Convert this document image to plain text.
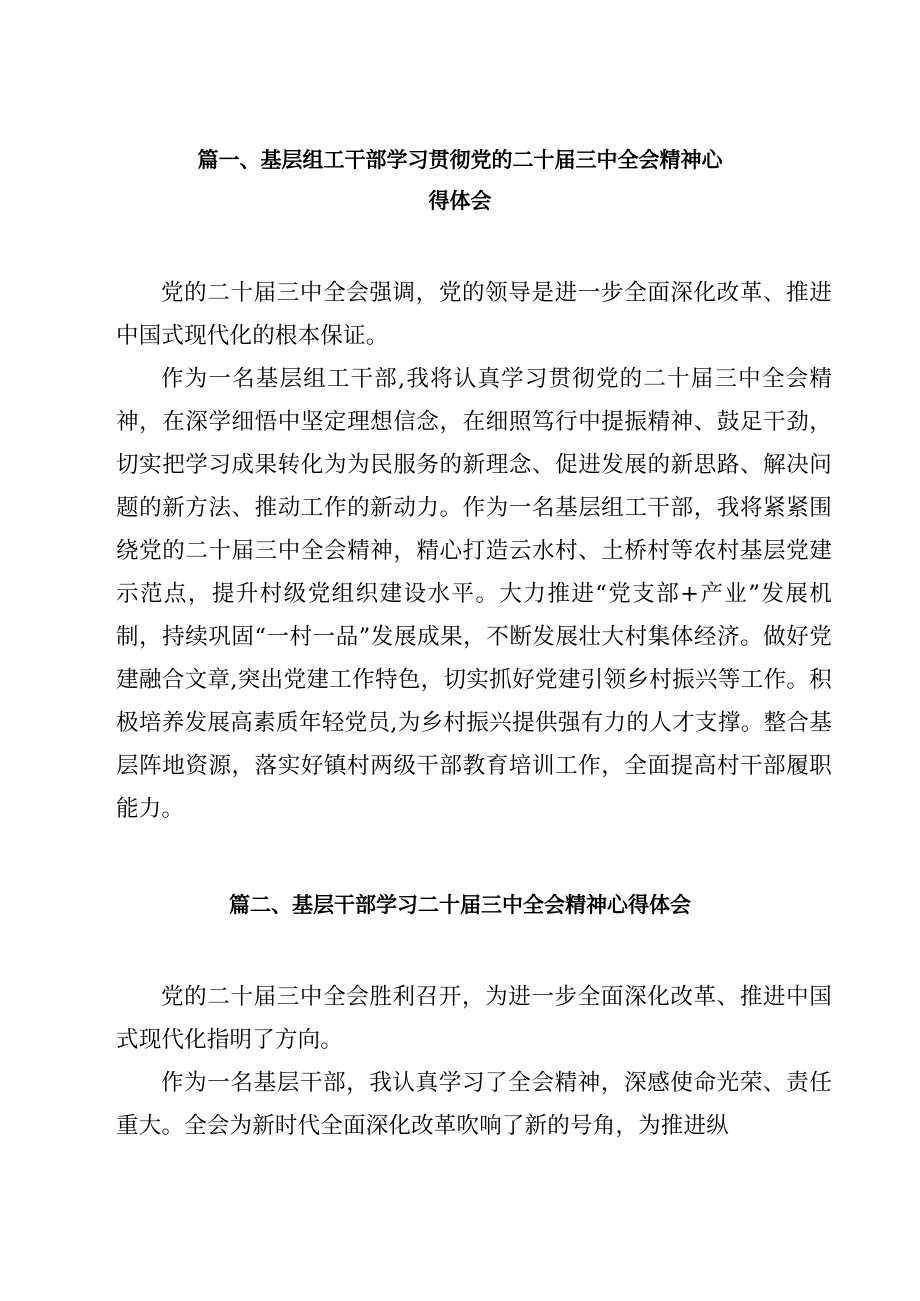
篇一、基层组工干部学习贯彻党的二十届三中全会精神心
得体会

党的二十届三中全会强调，党的领导是进一步全面深化改革、推进中国式现代化的根本保证。

作为一名基层组工干部,我将认真学习贯彻党的二十届三中全会精神，在深学细悟中坚定理想信念，在细照笃行中提振精神、鼓足干劲，切实把学习成果转化为为民服务的新理念、促进发展的新思路、解决问题的新方法、推动工作的新动力。作为一名基层组工干部，我将紧紧围绕党的二十届三中全会精神，精心打造云水村、土桥村等农村基层党建示范点，提升村级党组织建设水平。大力推进“党支部+产业”发展机制，持续巩固“一村一品”发展成果，不断发展壮大村集体经济。做好党建融合文章,突出党建工作特色，切实抓好党建引领乡村振兴等工作。积极培养发展高素质年轻党员,为乡村振兴提供强有力的人才支撑。整合基层阵地资源，落实好镇村两级干部教育培训工作，全面提高村干部履职能力。

篇二、基层干部学习二十届三中全会精神心得体会

党的二十届三中全会胜利召开，为进一步全面深化改革、推进中国式现代化指明了方向。

作为一名基层干部，我认真学习了全会精神，深感使命光荣、责任重大。全会为新时代全面深化改革吹响了新的号角，为推进纵
